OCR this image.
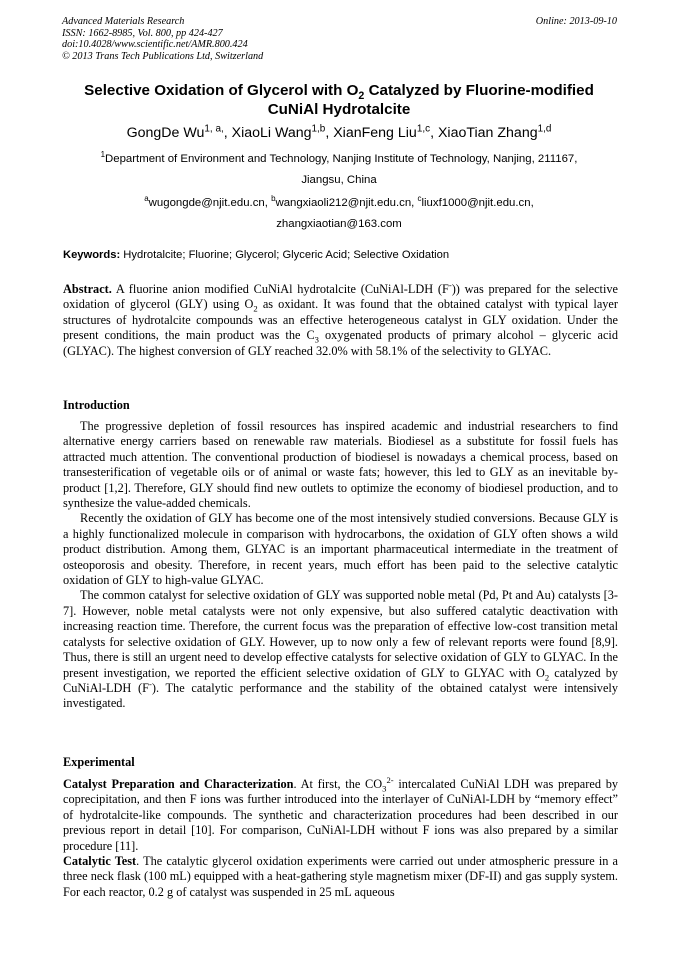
Advanced Materials Research
ISSN: 1662-8985, Vol. 800, pp 424-427
doi:10.4028/www.scientific.net/AMR.800.424
© 2013 Trans Tech Publications Ltd, Switzerland
Online: 2013-09-10
Selective Oxidation of Glycerol with $O_2$ Catalyzed by Fluorine-modified
CuNiAl Hydrotalcite
GongDe $Wu^{1, a,}$, XiaoLi Wang$^{1,b}$, XianFeng Liu$^{1,c}$, XiaoTian Zhang$^{1,d}$
$^1$Department of Environment and Technology, Nanjing Institute of Technology, Nanjing, 211167,
Jiangsu, China
$^a$wugongde@njit.edu.cn, $^b$wangxiaoli212@njit.edu.cn, $^c$liuxf1000@njit.edu.cn,
zhangxiaotian@163.com
Keywords: Hydrotalcite; Fluorine; Glycerol; Glyceric Acid; Selective Oxidation

Abstract. A fluorine anion modified CuNiAl hydrotalcite (CuNiAl-LDH (F-)) was prepared for the selective oxidation of glycerol (GLY) using $O_2$ as oxidant. It was found that the obtained catalyst with typical layer structures of hydrotalcite compounds was an effective heterogeneous catalyst in GLY oxidation. Under the present conditions, the main product was the $C_3$ oxygenated products of primary alcohol – glyceric acid (GLYAC). The highest conversion of GLY reached 32.0% with 58.1% of the selectivity to GLYAC.

Introduction

The progressive depletion of fossil resources has inspired academic and industrial researchers to find alternative energy carriers based on renewable raw materials. Biodiesel as a substitute for fossil fuels has attracted much attention. The conventional production of biodiesel is nowadays a chemical process, based on transesterification of vegetable oils or of animal or waste fats; however, this led to GLY as an inevitable by-product [1,2]. Therefore, GLY should find new outlets to optimize the economy of biodiesel production, and to synthesize the value-added chemicals.

Recently the oxidation of GLY has become one of the most intensively studied conversions. Because GLY is a highly functionalized molecule in comparison with hydrocarbons, the oxidation of GLY often shows a wild product distribution. Among them, GLYAC is an important pharmaceutical intermediate in the treatment of osteoporosis and obesity. Therefore, in recent years, much effort has been paid to the selective catalytic oxidation of GLY to high-value GLYAC.

The common catalyst for selective oxidation of GLY was supported noble metal (Pd, Pt and Au) catalysts [3-7]. However, noble metal catalysts were not only expensive, but also suffered catalytic deactivation with increasing reaction time. Therefore, the current focus was the preparation of effective low-cost transition metal catalysts for selective oxidation of GLY. However, up to now only a few of relevant reports were found [8,9]. Thus, there is still an urgent need to develop effective catalysts for selective oxidation of GLY to GLYAC. In the present investigation, we reported the efficient selective oxidation of GLY to GLYAC with $O_2$ catalyzed by CuNiAl-LDH (F-). The catalytic performance and the stability of the obtained catalyst were intensively investigated.

Experimental

Catalyst Preparation and Characterization. At first, the $CO_3^{2-}$ intercalated CuNiAl LDH was prepared by coprecipitation, and then F ions was further introduced into the interlayer of CuNiAl-LDH by “memory effect” of hydrotalcite-like compounds. The synthetic and characterization procedures had been described in our previous report in detail [10]. For comparison, CuNiAl-LDH without F ions was also prepared by a similar procedure [11].

Catalytic Test. The catalytic glycerol oxidation experiments were carried out under atmospheric pressure in a three neck flask (100 mL) equipped with a heat-gathering style magnetism mixer (DF-II) and gas supply system. For each reactor, 0.2 g of catalyst was suspended in 25 mL aqueous
